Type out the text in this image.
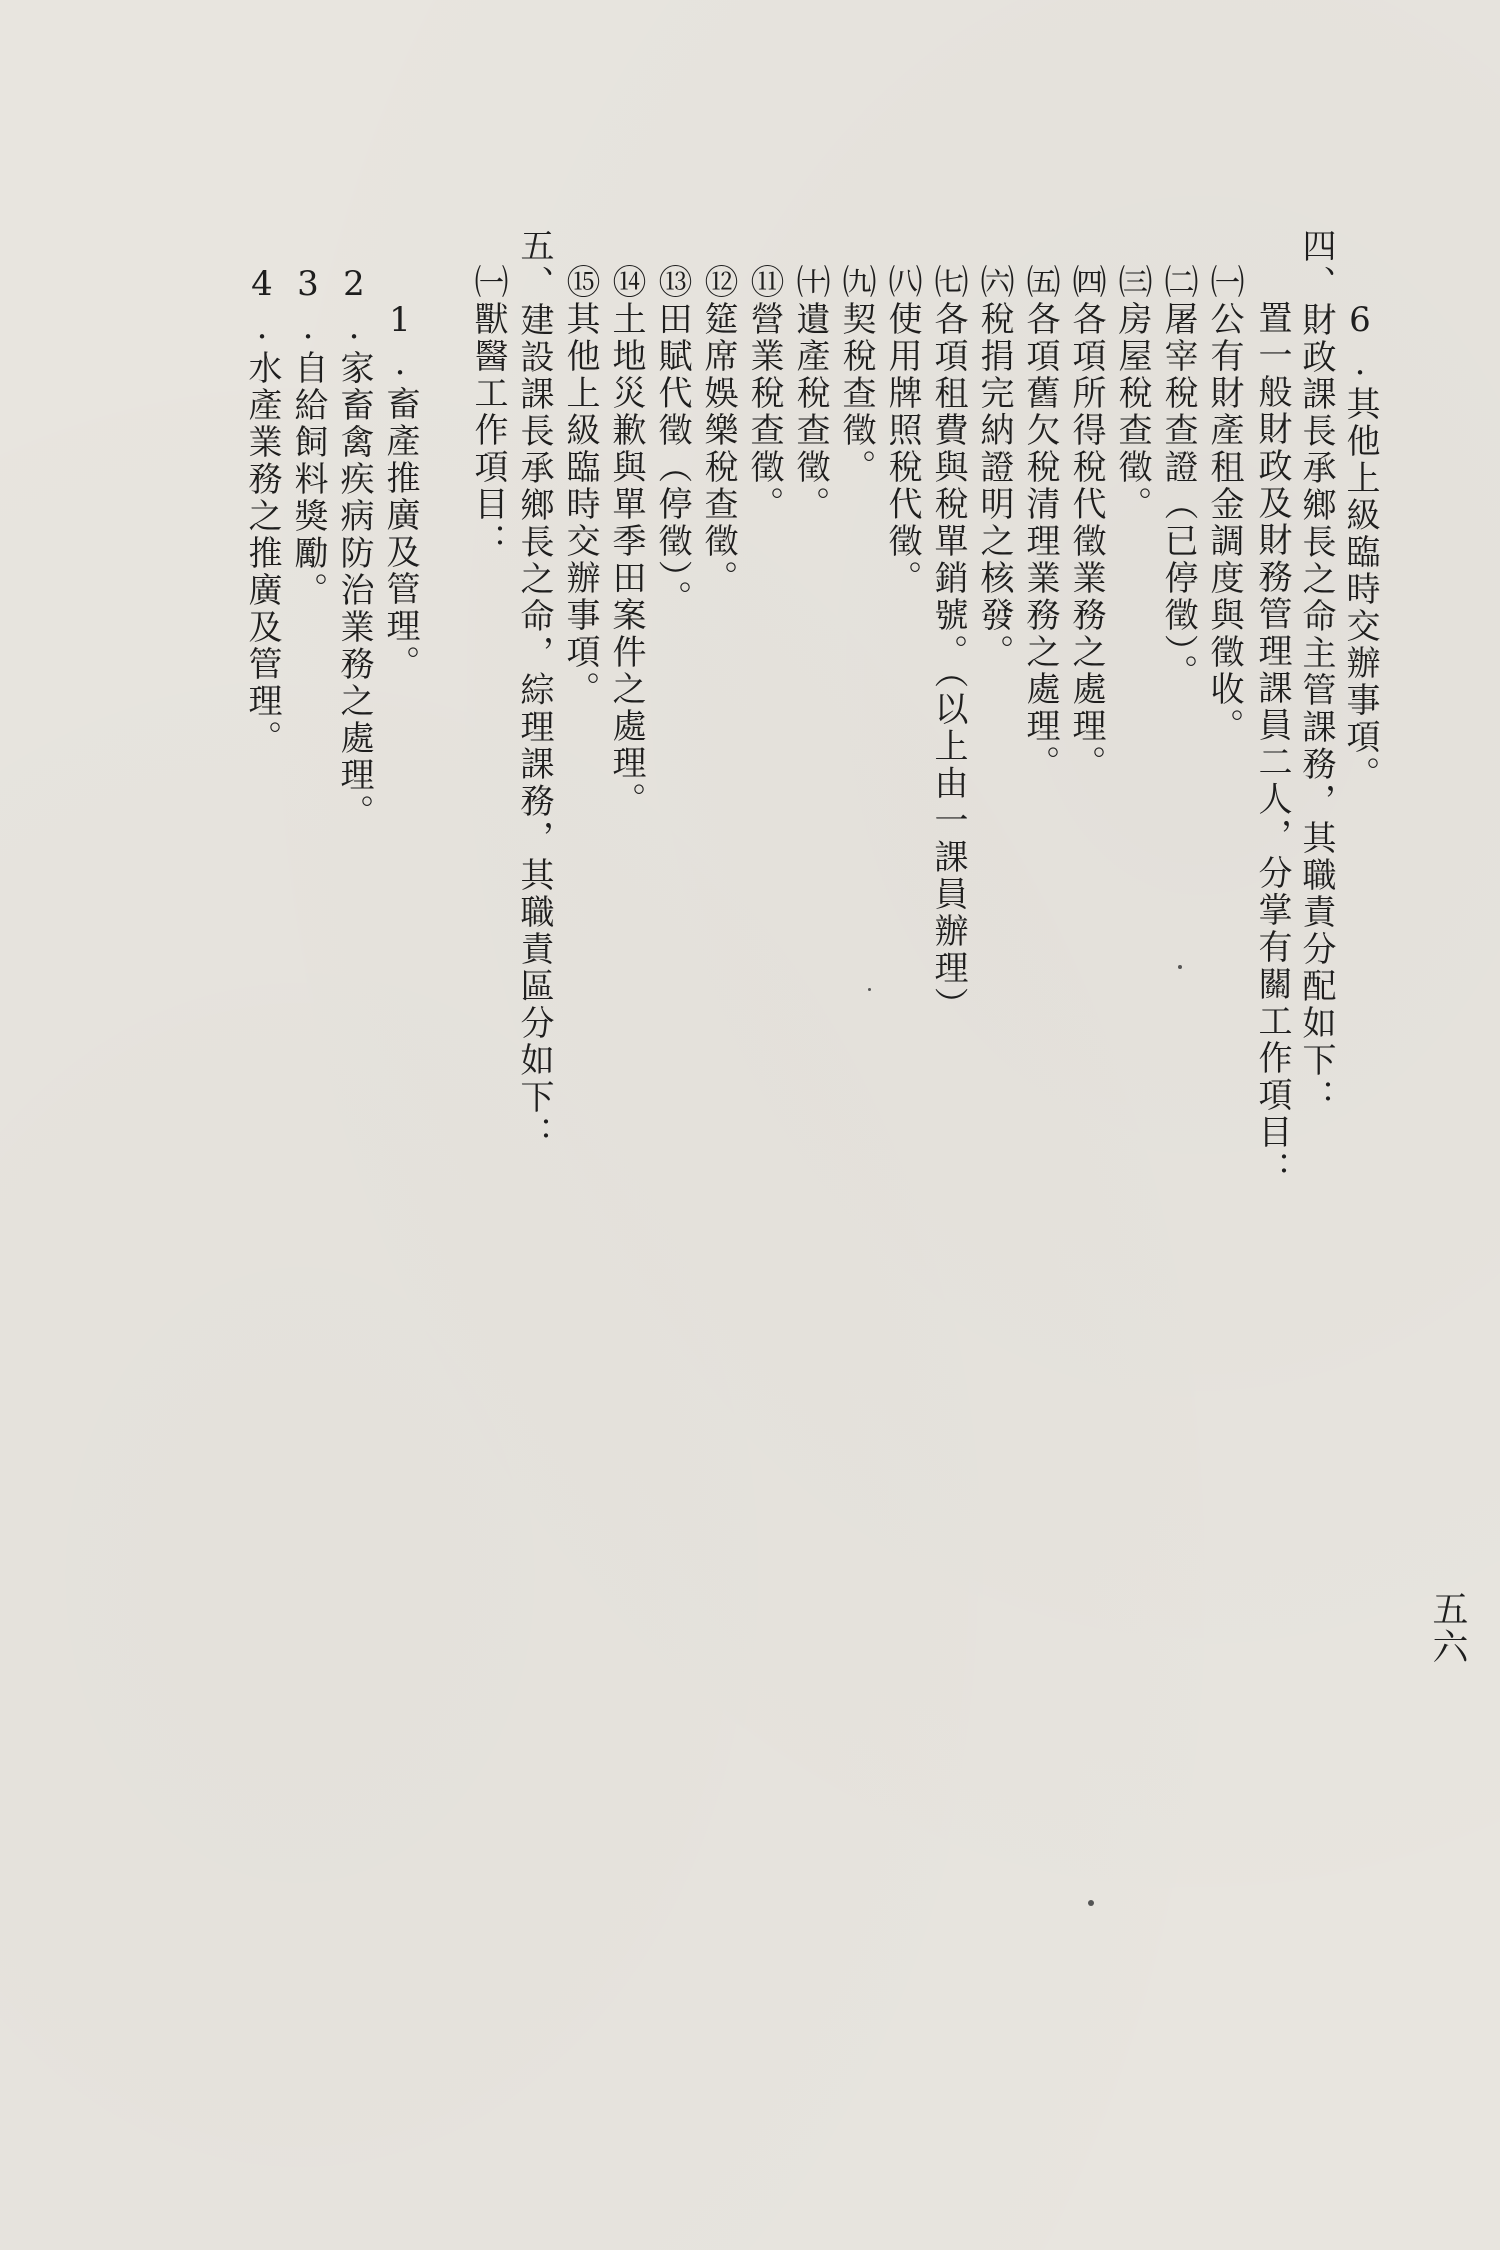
6.其他上級臨時交辦事項。
四、財政課長承鄉長之命主管課務，其職責分配如下：
置一般財政及財務管理課員二人，分掌有關工作項目：
㈠公有財產租金調度與徵收。
㈡屠宰稅查證（已停徵）。
㈢房屋稅查徵。
㈣各項所得稅代徵業務之處理。
㈤各項舊欠稅清理業務之處理。
㈥稅捐完納證明之核發。
㈦各項租費與稅單銷號。（以上由一課員辦理）
㈧使用牌照稅代徵。
㈨契稅查徵。
㈩遺產稅查徵。
⑪營業稅查徵。
⑫筵席娛樂稅查徵。
⑬田賦代徵（停徵）。
⑭土地災歉與單季田案件之處理。
⑮其他上級臨時交辦事項。
五、建設課長承鄉長之命，綜理課務，其職責區分如下：
㈠獸醫工作項目：
1.畜產推廣及管理。
2.家畜禽疾病防治業務之處理。
3.自給飼料獎勵。
4.水產業務之推廣及管理。
五六
